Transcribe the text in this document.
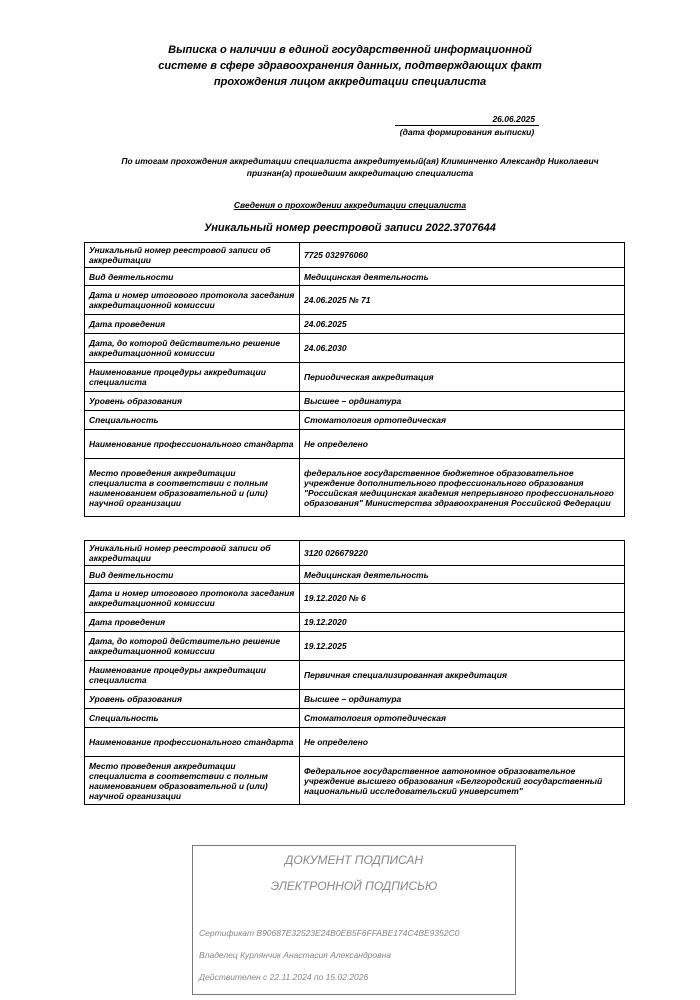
Выписка о наличии в единой государственной информационной
системе в сфере здравоохранения данных, подтверждающих факт
прохождения лицом аккредитации специалиста
26.06.2025
(дата формирования выписки)
По итогам прохождения аккредитации специалиста аккредитуемый(ая) Климинченко Александр Николаевич
признан(а) прошедшим аккредитацию специалиста
Сведения о прохождении аккредитации специалиста
Уникальный номер реестровой записи 2022.3707644
Уникальный номер реестровой записи об аккредитации	7725 032976060
Вид деятельности	Медицинская деятельность
Дата и номер итогового протокола заседания аккредитационной комиссии	24.06.2025 № 71
Дата проведения	24.06.2025
Дата, до которой действительно решение аккредитационной комиссии	24.06.2030
Наименование процедуры аккредитации специалиста	Периодическая аккредитация
Уровень образования	Высшее – ординатура
Специальность	Стоматология ортопедическая
Наименование профессионального стандарта	Не определено
Место проведения аккредитации специалиста в соответствии с полным наименованием образовательной и (или) научной организации	федеральное государственное бюджетное образовательное учреждение дополнительного профессионального образования "Российская медицинская академия непрерывного профессионального образования" Министерства здравоохранения Российской Федерации
Уникальный номер реестровой записи об аккредитации	3120 026679220
Вид деятельности	Медицинская деятельность
Дата и номер итогового протокола заседания аккредитационной комиссии	19.12.2020 № 6
Дата проведения	19.12.2020
Дата, до которой действительно решение аккредитационной комиссии	19.12.2025
Наименование процедуры аккредитации специалиста	Первичная специализированная аккредитация
Уровень образования	Высшее – ординатура
Специальность	Стоматология ортопедическая
Наименование профессионального стандарта	Не определено
Место проведения аккредитации специалиста в соответствии с полным наименованием образовательной и (или) научной организации	Федеральное государственное автономное образовательное учреждение высшего образования «Белгородский государственный национальный исследовательский университет"
ДОКУМЕНТ ПОДПИСАН
ЭЛЕКТРОННОЙ ПОДПИСЬЮ
Сертификат B90687E32523E24B0EB5F6FFABE174C4BE9352C0
Владелец Курлянчик Анастасия Александровна
Действителен с 22.11.2024 по 15.02.2026
